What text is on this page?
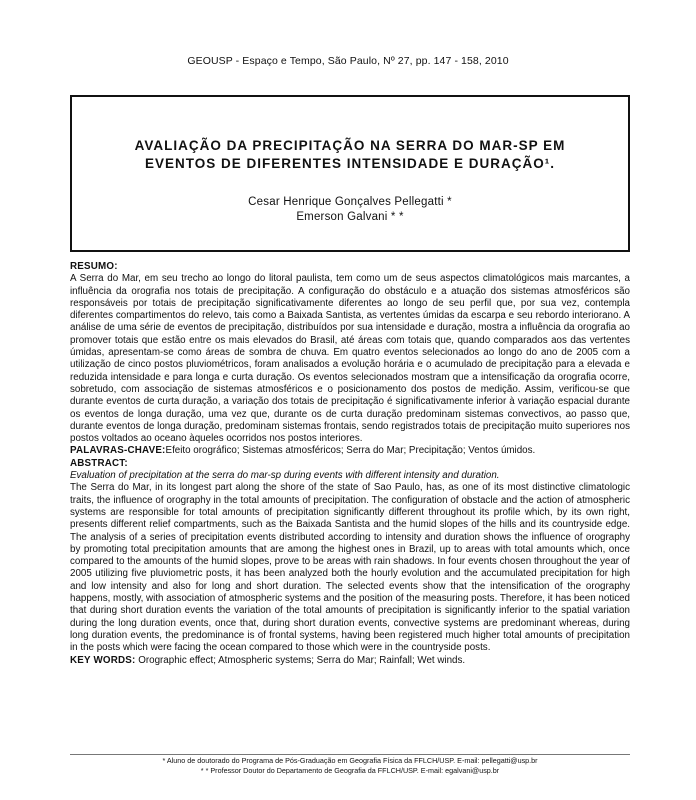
GEOUSP - Espaço e Tempo, São Paulo, Nº 27, pp. 147 - 158, 2010
AVALIAÇÃO DA PRECIPITAÇÃO NA SERRA DO MAR-SP EM
EVENTOS DE DIFERENTES INTENSIDADE E DURAÇÃO¹.
Cesar Henrique Gonçalves Pellegatti *
Emerson Galvani * *
RESUMO:
A Serra do Mar, em seu trecho ao longo do litoral paulista, tem como um de seus aspectos climatológicos mais marcantes, a influência da orografia nos totais de precipitação. A configuração do obstáculo e a atuação dos sistemas atmosféricos são responsáveis por totais de precipitação significativamente diferentes ao longo de seu perfil que, por sua vez, contempla diferentes compartimentos do relevo, tais como a Baixada Santista, as vertentes úmidas da escarpa e seu rebordo interiorano. A análise de uma série de eventos de precipitação, distribuídos por sua intensidade e duração, mostra a influência da orografia ao promover totais que estão entre os mais elevados do Brasil, até áreas com totais que, quando comparados aos das vertentes úmidas, apresentam-se como áreas de sombra de chuva. Em quatro eventos selecionados ao longo do ano de 2005 com a utilização de cinco postos pluviométricos, foram analisados a evolução horária e o acumulado de precipitação para a elevada e reduzida intensidade e para longa e curta duração. Os eventos selecionados mostram que a intensificação da orografia ocorre, sobretudo, com associação de sistemas atmosféricos e o posicionamento dos postos de medição. Assim, verificou-se que durante eventos de curta duração, a variação dos totais de precipitação é significativamente inferior à variação espacial durante os eventos de longa duração, uma vez que, durante os de curta duração predominam sistemas convectivos, ao passo que, durante eventos de longa duração, predominam sistemas frontais, sendo registrados totais de precipitação muito superiores nos postos voltados ao oceano àqueles ocorridos nos postos interiores.
PALAVRAS-CHAVE:Efeito orográfico; Sistemas atmosféricos; Serra do Mar; Precipitação; Ventos úmidos.
ABSTRACT:
Evaluation of precipitation at the serra do mar-sp during events with different intensity and duration.
The Serra do Mar, in its longest part along the shore of the state of Sao Paulo, has, as one of its most distinctive climatologic traits, the influence of orography in the total amounts of precipitation. The configuration of obstacle and the action of atmospheric systems are responsible for total amounts of precipitation significantly different throughout its profile which, by its own right, presents different relief compartments, such as the Baixada Santista and the humid slopes of the hills and its countryside edge. The analysis of a series of precipitation events distributed according to intensity and duration shows the influence of orography by promoting total precipitation amounts that are among the highest ones in Brazil, up to areas with total amounts which, once compared to the amounts of the humid slopes, prove to be areas with rain shadows. In four events chosen throughout the year of 2005 utilizing five pluviometric posts, it has been analyzed both the hourly evolution and the accumulated precipitation for high and low intensity and also for long and short duration. The selected events show that the intensification of the orography happens, mostly, with association of atmospheric systems and the position of the measuring posts. Therefore, it has been noticed that during short duration events the variation of the total amounts of precipitation is significantly inferior to the spatial variation during the long duration events, once that, during short duration events, convective systems are predominant whereas, during long duration events, the predominance is of frontal systems, having been registered much higher total amounts of precipitation in the posts which were facing the ocean compared to those which were in the countryside posts.
KEY WORDS: Orographic effect; Atmospheric systems; Serra do Mar; Rainfall; Wet winds.
* Aluno de doutorado do Programa de Pós-Graduação em Geografia Física da FFLCH/USP. E-mail: pellegatti@usp.br
* * Professor Doutor do Departamento de Geografia da FFLCH/USP. E-mail: egalvani@usp.br
